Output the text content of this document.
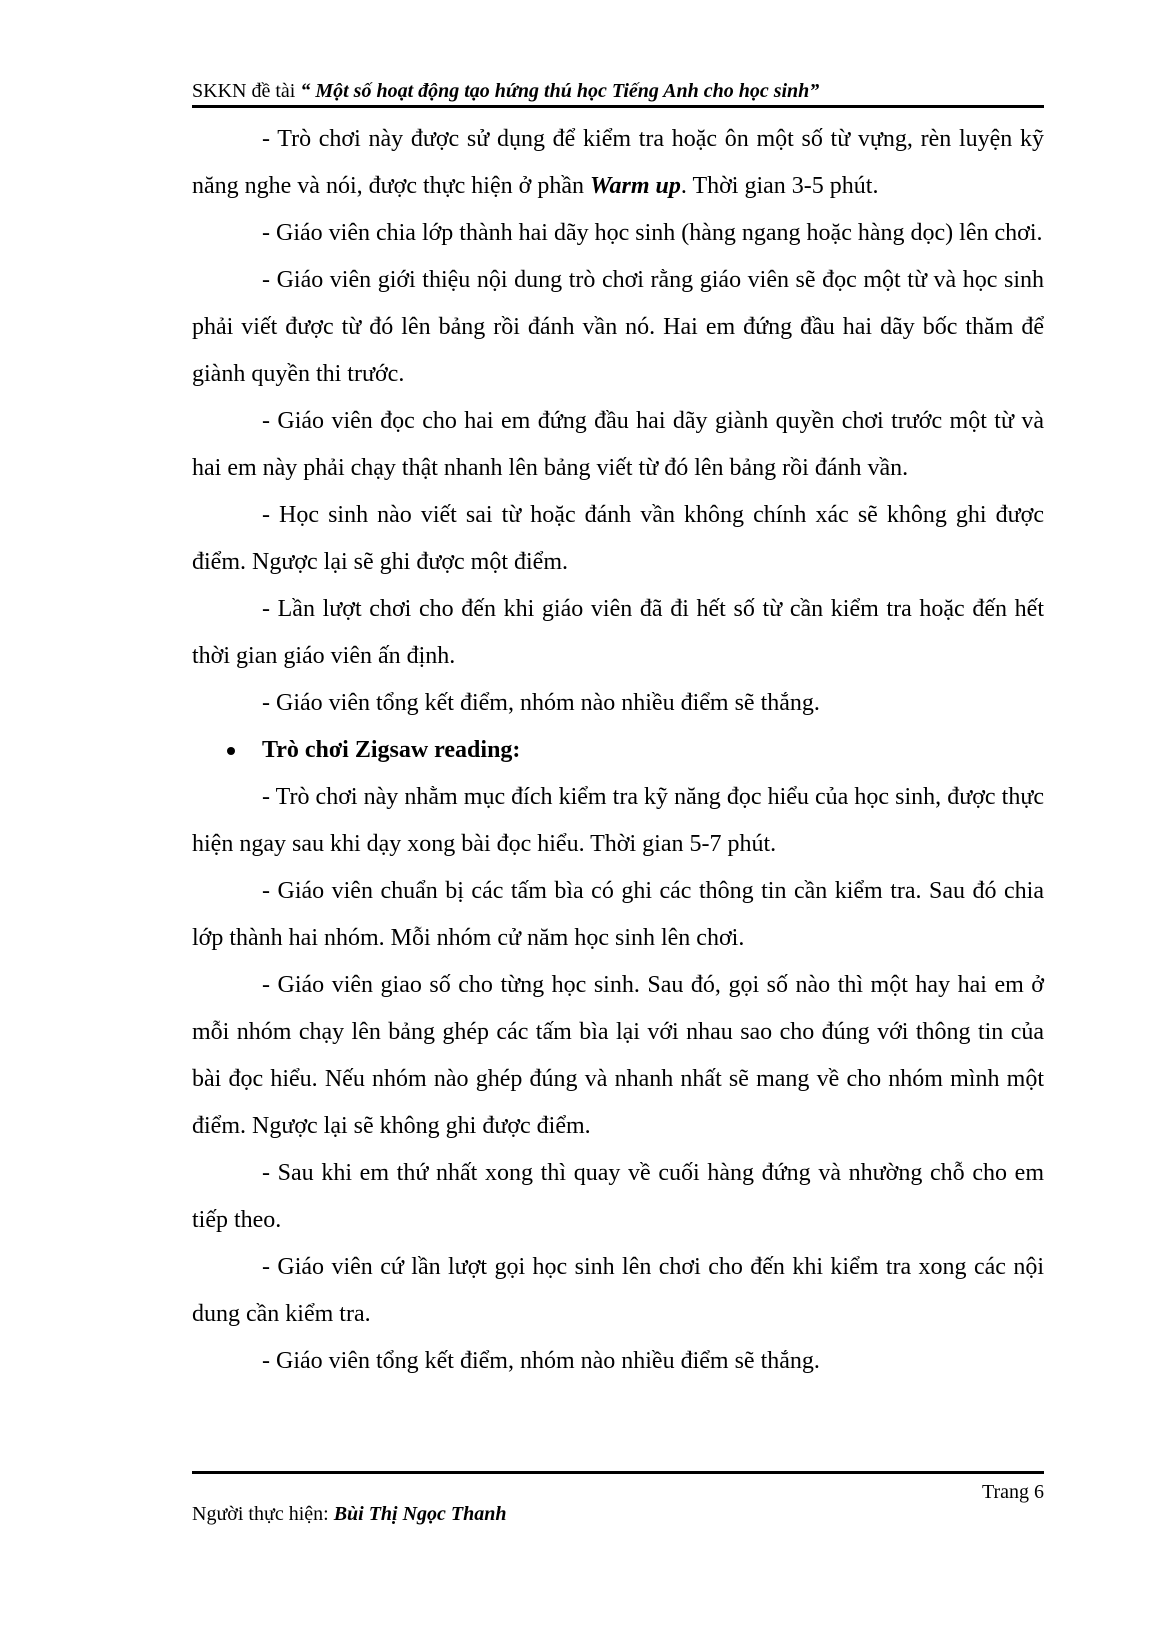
SKKN đề tài “ Một số hoạt động tạo hứng thú học Tiếng Anh cho học sinh”

- Trò chơi này được sử dụng để kiểm tra hoặc ôn một số từ vựng, rèn luyện kỹ năng nghe và nói, được thực hiện ở phần Warm up. Thời gian 3-5 phút.

- Giáo viên chia lớp thành hai dãy học sinh (hàng ngang hoặc hàng dọc) lên chơi.

- Giáo viên giới thiệu nội dung trò chơi rằng giáo viên sẽ đọc một từ và học sinh phải viết được từ đó lên bảng rồi đánh vần nó. Hai em đứng đầu hai dãy bốc thăm để giành quyền thi trước.

- Giáo viên đọc cho hai em đứng đầu hai dãy giành quyền chơi trước một từ và hai em này phải chạy thật nhanh lên bảng viết từ đó lên bảng rồi đánh vần.

- Học sinh nào viết sai từ hoặc đánh vần không chính xác sẽ không ghi được điểm. Ngược lại sẽ ghi được một điểm.

- Lần lượt chơi cho đến khi giáo viên đã đi hết số từ cần kiểm tra hoặc đến hết thời gian giáo viên ấn định.

- Giáo viên tổng kết điểm, nhóm nào nhiều điểm sẽ thắng.

Trò chơi Zigsaw reading:

- Trò chơi này nhằm mục đích kiểm tra kỹ năng đọc hiểu của học sinh, được thực hiện ngay sau khi dạy xong bài đọc hiểu. Thời gian 5-7 phút.

- Giáo viên chuẩn bị các tấm bìa có ghi các thông tin cần kiểm tra. Sau đó chia lớp thành hai nhóm. Mỗi nhóm cử năm học sinh lên chơi.

- Giáo viên giao số cho từng học sinh. Sau đó, gọi số nào thì một hay hai em ở mỗi nhóm chạy lên bảng ghép các tấm bìa lại với nhau sao cho đúng với thông tin của bài đọc hiểu. Nếu nhóm nào ghép đúng và nhanh nhất sẽ mang về cho nhóm mình một điểm. Ngược lại sẽ không ghi được điểm.

- Sau khi em thứ nhất xong thì quay về cuối hàng đứng và nhường chỗ cho em tiếp theo.

- Giáo viên cứ lần lượt gọi học sinh lên chơi cho đến khi kiểm tra xong các nội dung cần kiểm tra.

- Giáo viên tổng kết điểm, nhóm nào nhiều điểm sẽ thắng.

Trang 6
Người thực hiện: Bùi Thị Ngọc Thanh
